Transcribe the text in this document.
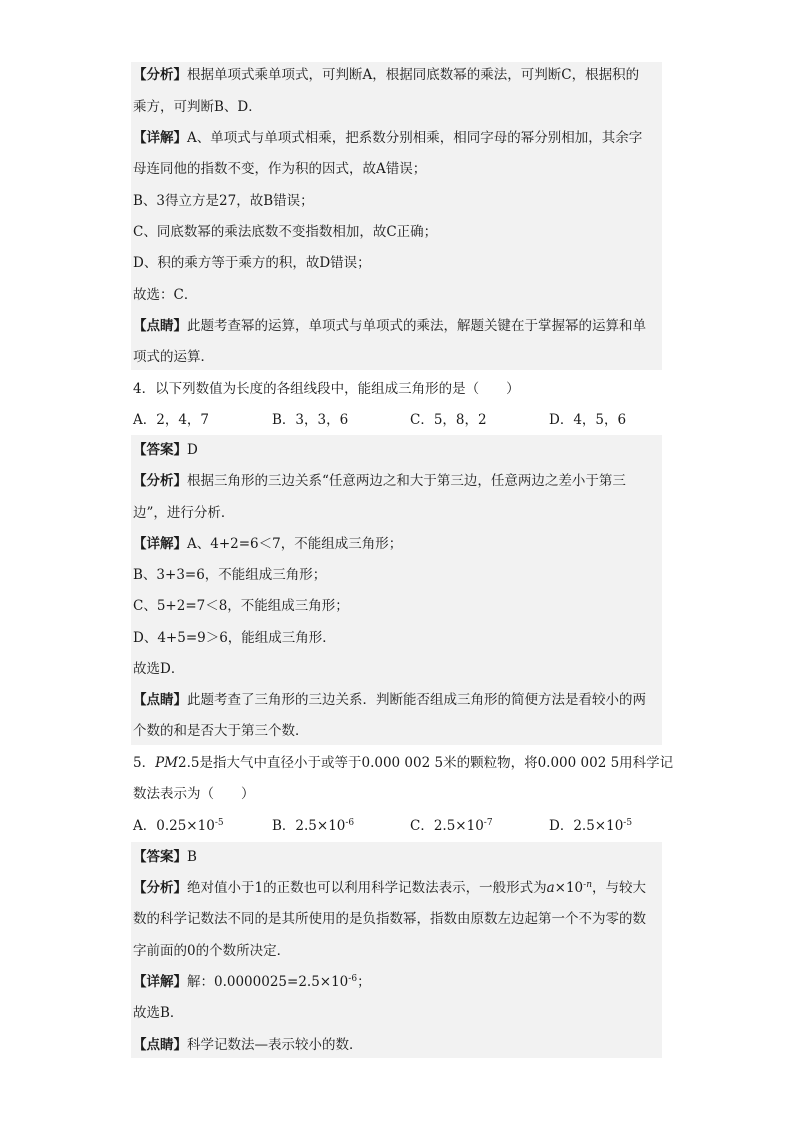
【分析】根据单项式乘单项式，可判断A，根据同底数幂的乘法，可判断C，根据积的
乘方，可判断B、D．
【详解】A、单项式与单项式相乘，把系数分别相乘，相同字母的幂分别相加，其余字
母连同他的指数不变，作为积的因式，故A错误；
B、3得立方是27，故B错误；
C、同底数幂的乘法底数不变指数相加，故C正确；
D、积的乘方等于乘方的积，故D错误；
故选：C．
【点睛】此题考查幂的运算，单项式与单项式的乘法，解题关键在于掌握幂的运算和单
项式的运算．
4．以下列数值为长度的各组线段中，能组成三角形的是（　　）
A．2，4，7	B．3，3，6	C．5，8，2	D．4，5，6
【答案】D
【分析】根据三角形的三边关系“任意两边之和大于第三边，任意两边之差小于第三
边”，进行分析．
【详解】A、4+2=6＜7，不能组成三角形；
B、3+3=6，不能组成三角形；
C、5+2=7＜8，不能组成三角形；
D、4+5=9＞6，能组成三角形．
故选D．
【点睛】此题考查了三角形的三边关系．判断能否组成三角形的简便方法是看较小的两
个数的和是否大于第三个数．
5．PM2.5是指大气中直径小于或等于0.000 002 5米的颗粒物，将0.000 002 5用科学记
数法表示为（　　）
A．$0.25\times 10^{-5}$	B．$2.5\times 10^{-6}$	C．$2.5\times 10^{-7}$	D．$2.5\times 10^{-5}$
【答案】B
【分析】绝对值小于1的正数也可以利用科学记数法表示，一般形式为$a\times 10^{-n}$，与较大
数的科学记数法不同的是其所使用的是负指数幂，指数由原数左边起第一个不为零的数
字前面的0的个数所决定．
【详解】解：$0.0000025=2.5\times 10^{-6}$；
故选B．
【点睛】科学记数法—表示较小的数．
